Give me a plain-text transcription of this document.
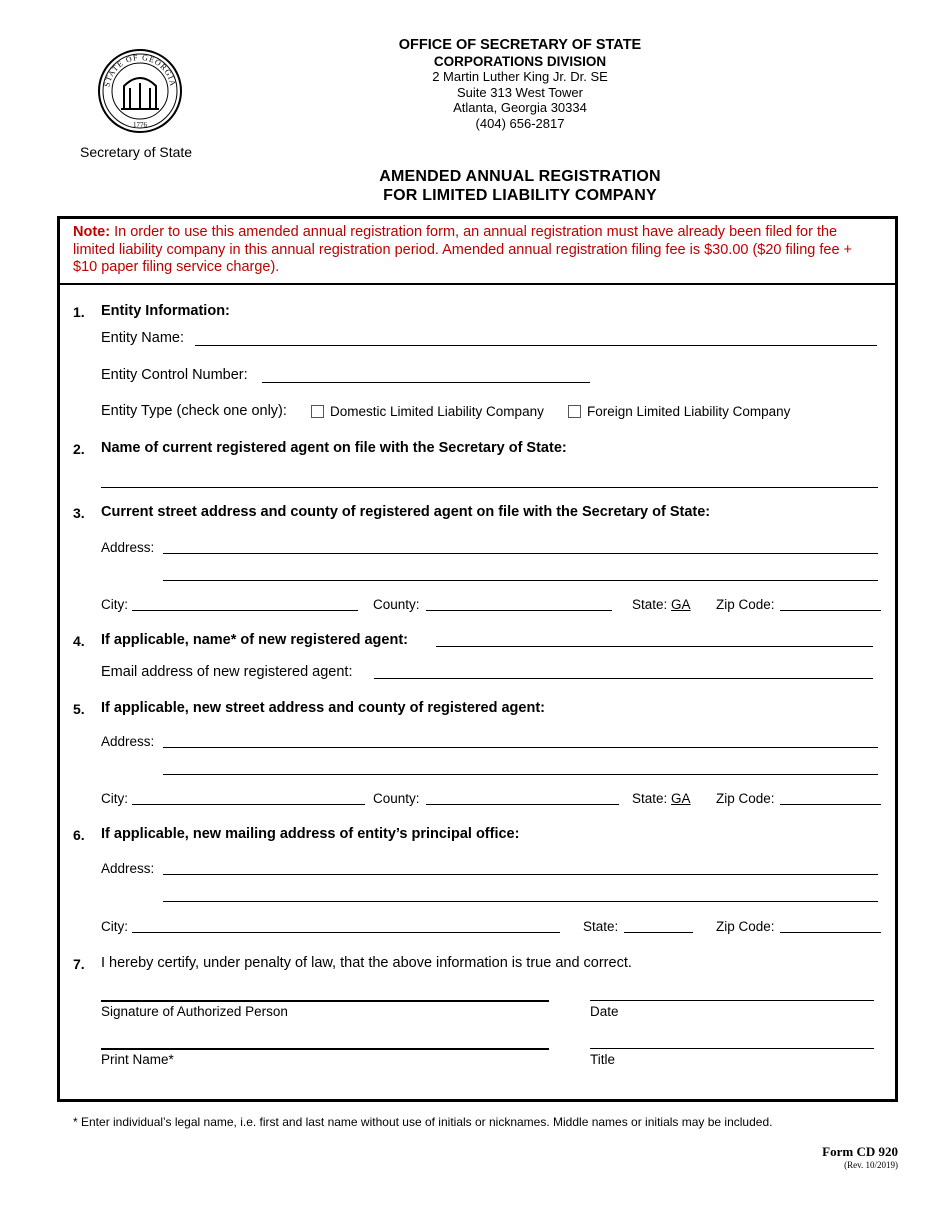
STATE OF GEORGIA
1776
Secretary of State
OFFICE OF SECRETARY OF STATE
CORPORATIONS DIVISION
2 Martin Luther King Jr. Dr. SE
Suite 313 West Tower
Atlanta, Georgia 30334
(404) 656-2817
AMENDED ANNUAL REGISTRATION
FOR LIMITED LIABILITY COMPANY
Note: In order to use this amended annual registration form, an annual registration must have already been filed for the limited liability company in this annual registration period. Amended annual registration filing fee is $30.00 ($20 filing fee + $10 paper filing service charge).
1. Entity Information:
Entity Name:
Entity Control Number:
Entity Type (check one only):	Domestic Limited Liability Company	Foreign Limited Liability Company
2. Name of current registered agent on file with the Secretary of State:
3. Current street address and county of registered agent on file with the Secretary of State:
Address:
City:	County:	State: GA Zip Code:
4. If applicable, name* of new registered agent:
Email address of new registered agent:
5. If applicable, new street address and county of registered agent:
Address:
City:	County:	State: GA Zip Code:
6. If applicable, new mailing address of entity’s principal office:
Address:
City:	State:	Zip Code:
7. I hereby certify, under penalty of law, that the above information is true and correct.
Signature of Authorized Person	Date
Print Name*	Title
* Enter individual’s legal name, i.e. first and last name without use of initials or nicknames. Middle names or initials may be included.
Form CD 920
(Rev. 10/2019)
